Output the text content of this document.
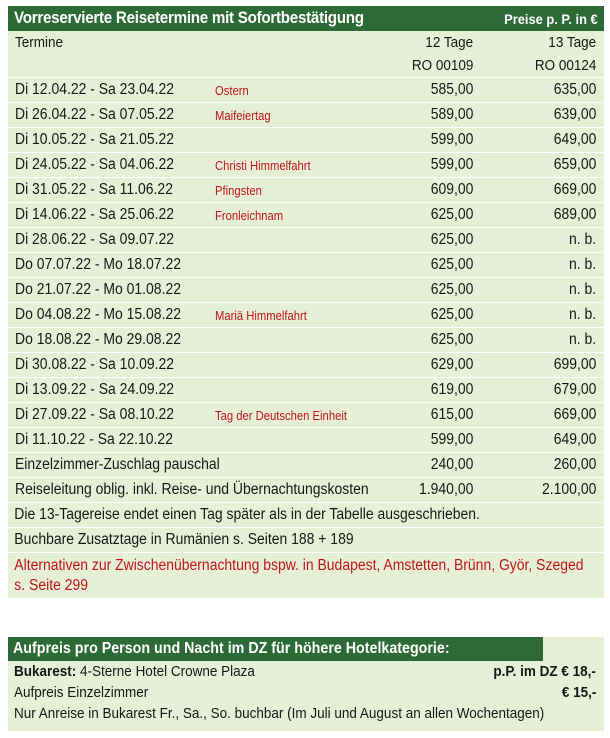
Vorreservierte Reisetermine mit Sofortbestätigung	Preise p. P. in €
Termine	12 Tage	13 Tage
RO 00109	RO 00124
Di 12.04.22 - Sa 23.04.22	Ostern	585,00	635,00
Di 26.04.22 - Sa 07.05.22	Maifeiertag	589,00	639,00
Di 10.05.22 - Sa 21.05.22	599,00	649,00
Di 24.05.22 - Sa 04.06.22	Christi Himmelfahrt	599,00	659,00
Di 31.05.22 - Sa 11.06.22	Pfingsten	609,00	669,00
Di 14.06.22 - Sa 25.06.22	Fronleichnam	625,00	689,00
Di 28.06.22 - Sa 09.07.22	625,00	n. b.
Do 07.07.22 - Mo 18.07.22	625,00	n. b.
Do 21.07.22 - Mo 01.08.22	625,00	n. b.
Do 04.08.22 - Mo 15.08.22	Mariä Himmelfahrt	625,00	n. b.
Do 18.08.22 - Mo 29.08.22	625,00	n. b.
Di 30.08.22 - Sa 10.09.22	629,00	699,00
Di 13.09.22 - Sa 24.09.22	619,00	679,00
Di 27.09.22 - Sa 08.10.22	Tag der Deutschen Einheit	615,00	669,00
Di 11.10.22 - Sa 22.10.22	599,00	649,00
Einzelzimmer-Zuschlag pauschal	240,00	260,00
Reiseleitung oblig. inkl. Reise- und Übernachtungskosten	1.940,00	2.100,00
Die 13-Tagereise endet einen Tag später als in der Tabelle ausgeschrieben.
Buchbare Zusatztage in Rumänien s. Seiten 188 + 189
Alternativen zur Zwischenübernachtung bspw. in Budapest, Amstetten, Brünn, Györ, Szeged s. Seite 299
Aufpreis pro Person und Nacht im DZ für höhere Hotelkategorie:
Bukarest: 4-Sterne Hotel Crowne Plaza	p.P. im DZ € 18,-
Aufpreis Einzelzimmer	€ 15,-
Nur Anreise in Bukarest Fr., Sa., So. buchbar (Im Juli und August an allen Wochentagen)
